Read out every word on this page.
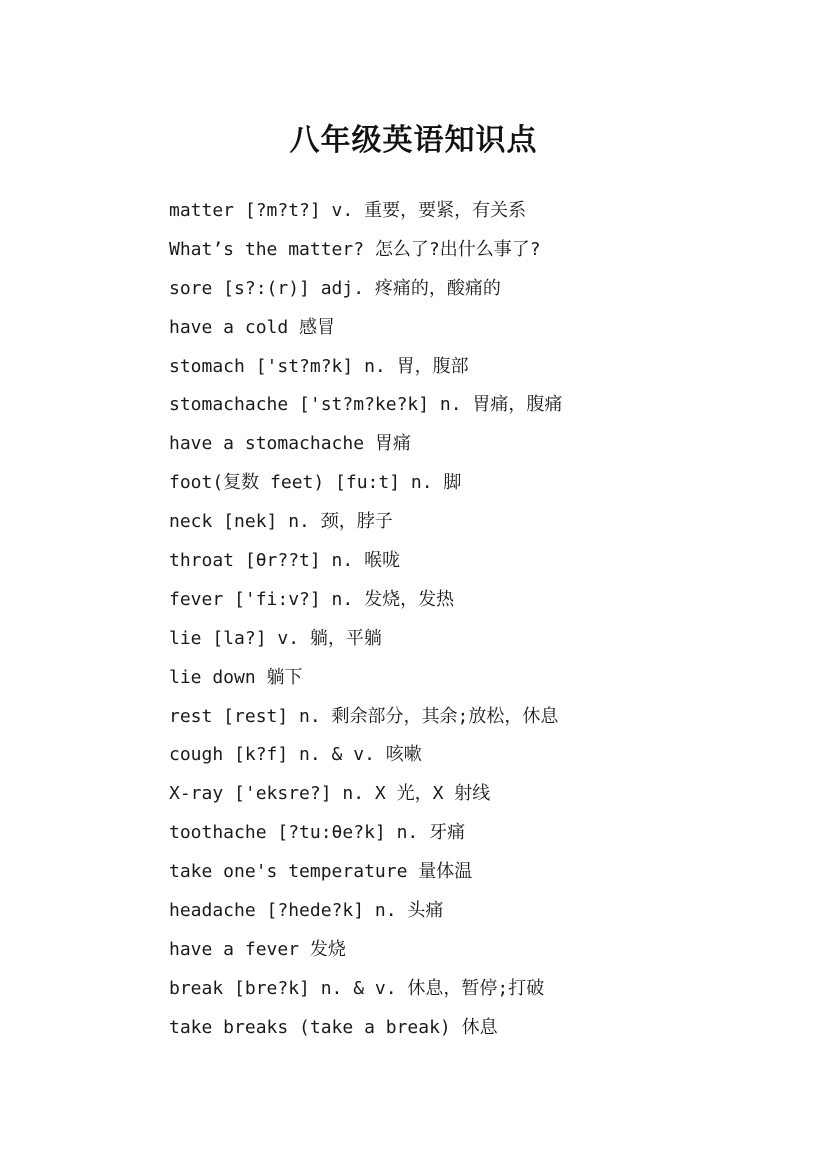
八年级英语知识点
matter [?m?t?] v. 重要，要紧，有关系
What’s the matter? 怎么了?出什么事了?
sore [s?:(r)] adj. 疼痛的，酸痛的
have a cold 感冒
stomach ['st?m?k] n. 胃，腹部
stomachache ['st?m?ke?k] n. 胃痛，腹痛
have a stomachache 胃痛
foot(复数 feet) [fu:t] n. 脚
neck [nek] n. 颈，脖子
throat [θr??t] n. 喉咙
fever ['fi:v?] n. 发烧，发热
lie [la?] v. 躺，平躺
lie down 躺下
rest [rest] n. 剩余部分，其余;放松，休息
cough [k?f] n. & v. 咳嗽
X-ray ['eksre?] n. X 光，X 射线
toothache [?tu:θe?k] n. 牙痛
take one's temperature 量体温
headache [?hede?k] n. 头痛
have a fever 发烧
break [bre?k] n. & v. 休息，暂停;打破
take breaks (take a break) 休息
